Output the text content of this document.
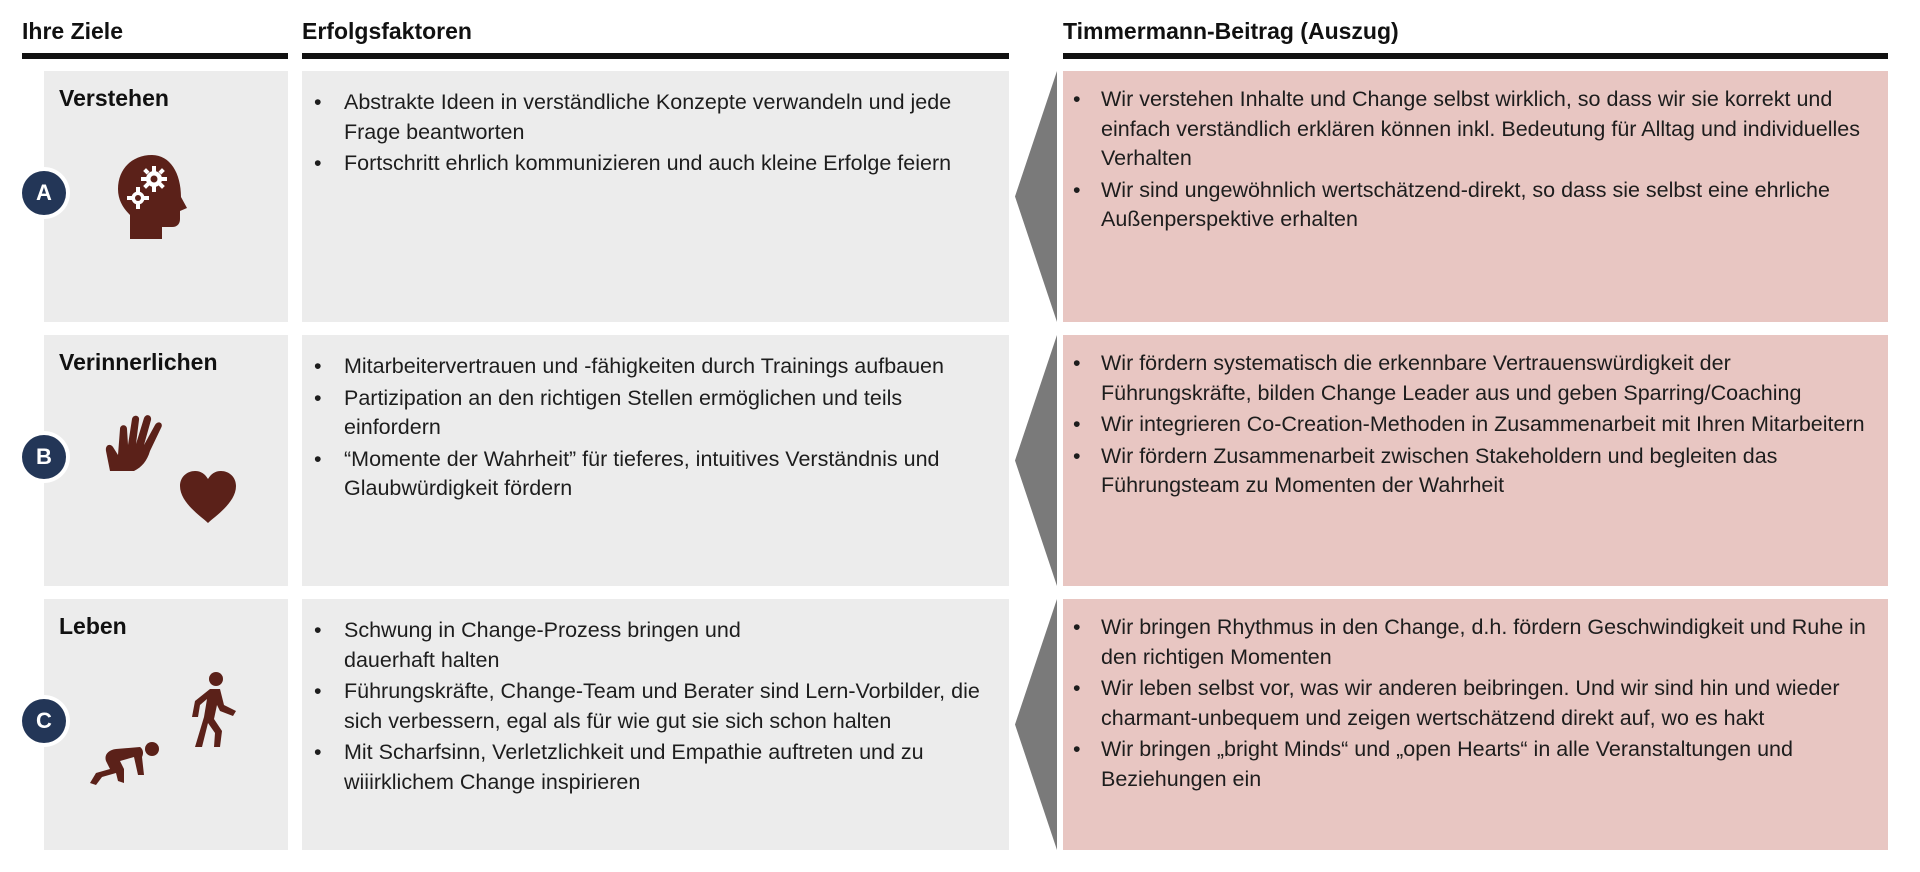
Ihre Ziele	Erfolgsfaktoren	Timmermann-Beitrag (Auszug)
Verstehen
A
• Abstrakte Ideen in verständliche Konzepte verwandeln und jede Frage beantworten
• Fortschritt ehrlich kommunizieren und auch kleine Erfolge feiern
• Wir verstehen Inhalte und Change selbst wirklich, so dass wir sie korrekt und einfach verständlich erklären können inkl. Bedeutung für Alltag und individuelles Verhalten
• Wir sind ungewöhnlich wertschätzend-direkt, so dass sie selbst eine ehrliche Außenperspektive erhalten
Verinnerlichen
B
• Mitarbeitervertrauen und -fähigkeiten durch Trainings aufbauen
• Partizipation an den richtigen Stellen ermöglichen und teils einfordern
• “Momente der Wahrheit” für tieferes, intuitives Verständnis und Glaubwürdigkeit fördern
• Wir fördern systematisch die erkennbare Vertrauenswürdigkeit der Führungskräfte, bilden Change Leader aus und geben Sparring/Coaching
• Wir integrieren Co-Creation-Methoden in Zusammenarbeit mit Ihren Mitarbeitern
• Wir fördern Zusammenarbeit zwischen Stakeholdern und begleiten das Führungsteam zu Momenten der Wahrheit
Leben
C
• Schwung in Change-Prozess bringen und dauerhaft halten
• Führungskräfte, Change-Team und Berater sind Lern-Vorbilder, die sich verbessern, egal als für wie gut sie sich schon halten
• Mit Scharfsinn, Verletzlichkeit und Empathie auftreten und zu wiiirklichem Change inspirieren
• Wir bringen Rhythmus in den Change, d.h. fördern Geschwindigkeit und Ruhe in den richtigen Momenten
• Wir leben selbst vor, was wir anderen beibringen. Und wir sind hin und wieder charmant-unbequem und zeigen wertschätzend direkt auf, wo es hakt
• Wir bringen „bright Minds“ und „open Hearts“ in alle Veranstaltungen und Beziehungen ein
